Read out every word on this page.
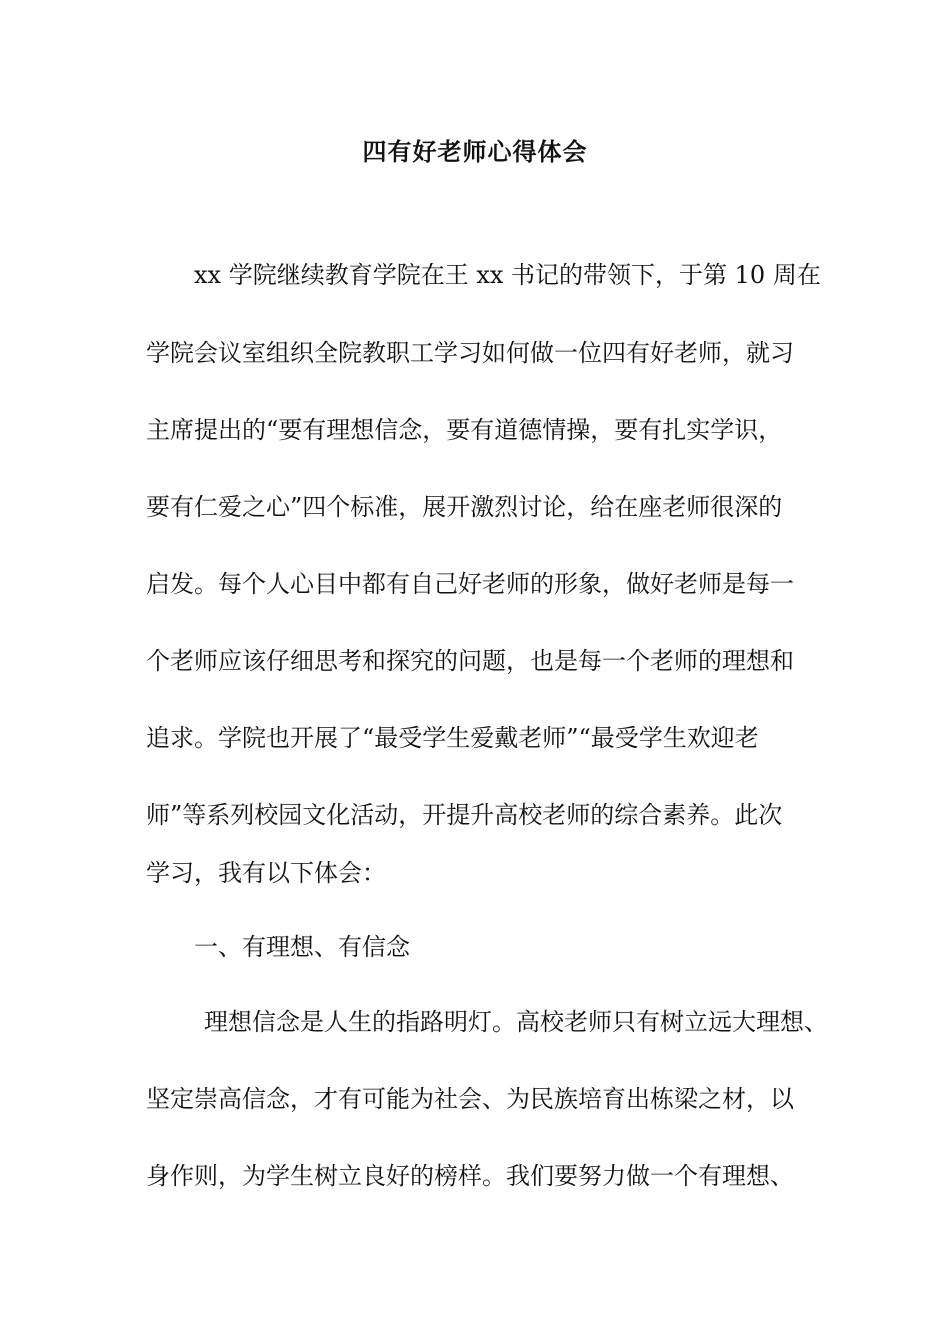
四有好老师心得体会
xx 学院继续教育学院在王 xx 书记的带领下，于第 10 周在
学院会议室组织全院教职工学习如何做一位四有好老师，就习
主席提出的“要有理想信念，要有道德情操，要有扎实学识，
要有仁爱之心”四个标准，展开激烈讨论，给在座老师很深的
启发。每个人心目中都有自己好老师的形象，做好老师是每一
个老师应该仔细思考和探究的问题，也是每一个老师的理想和
追求。学院也开展了“最受学生爱戴老师”“最受学生欢迎老
师”等系列校园文化活动，开提升高校老师的综合素养。此次
学习，我有以下体会：
一、有理想、有信念
理想信念是人生的指路明灯。高校老师只有树立远大理想、
坚定崇高信念，才有可能为社会、为民族培育出栋梁之材，以
身作则，为学生树立良好的榜样。我们要努力做一个有理想、
